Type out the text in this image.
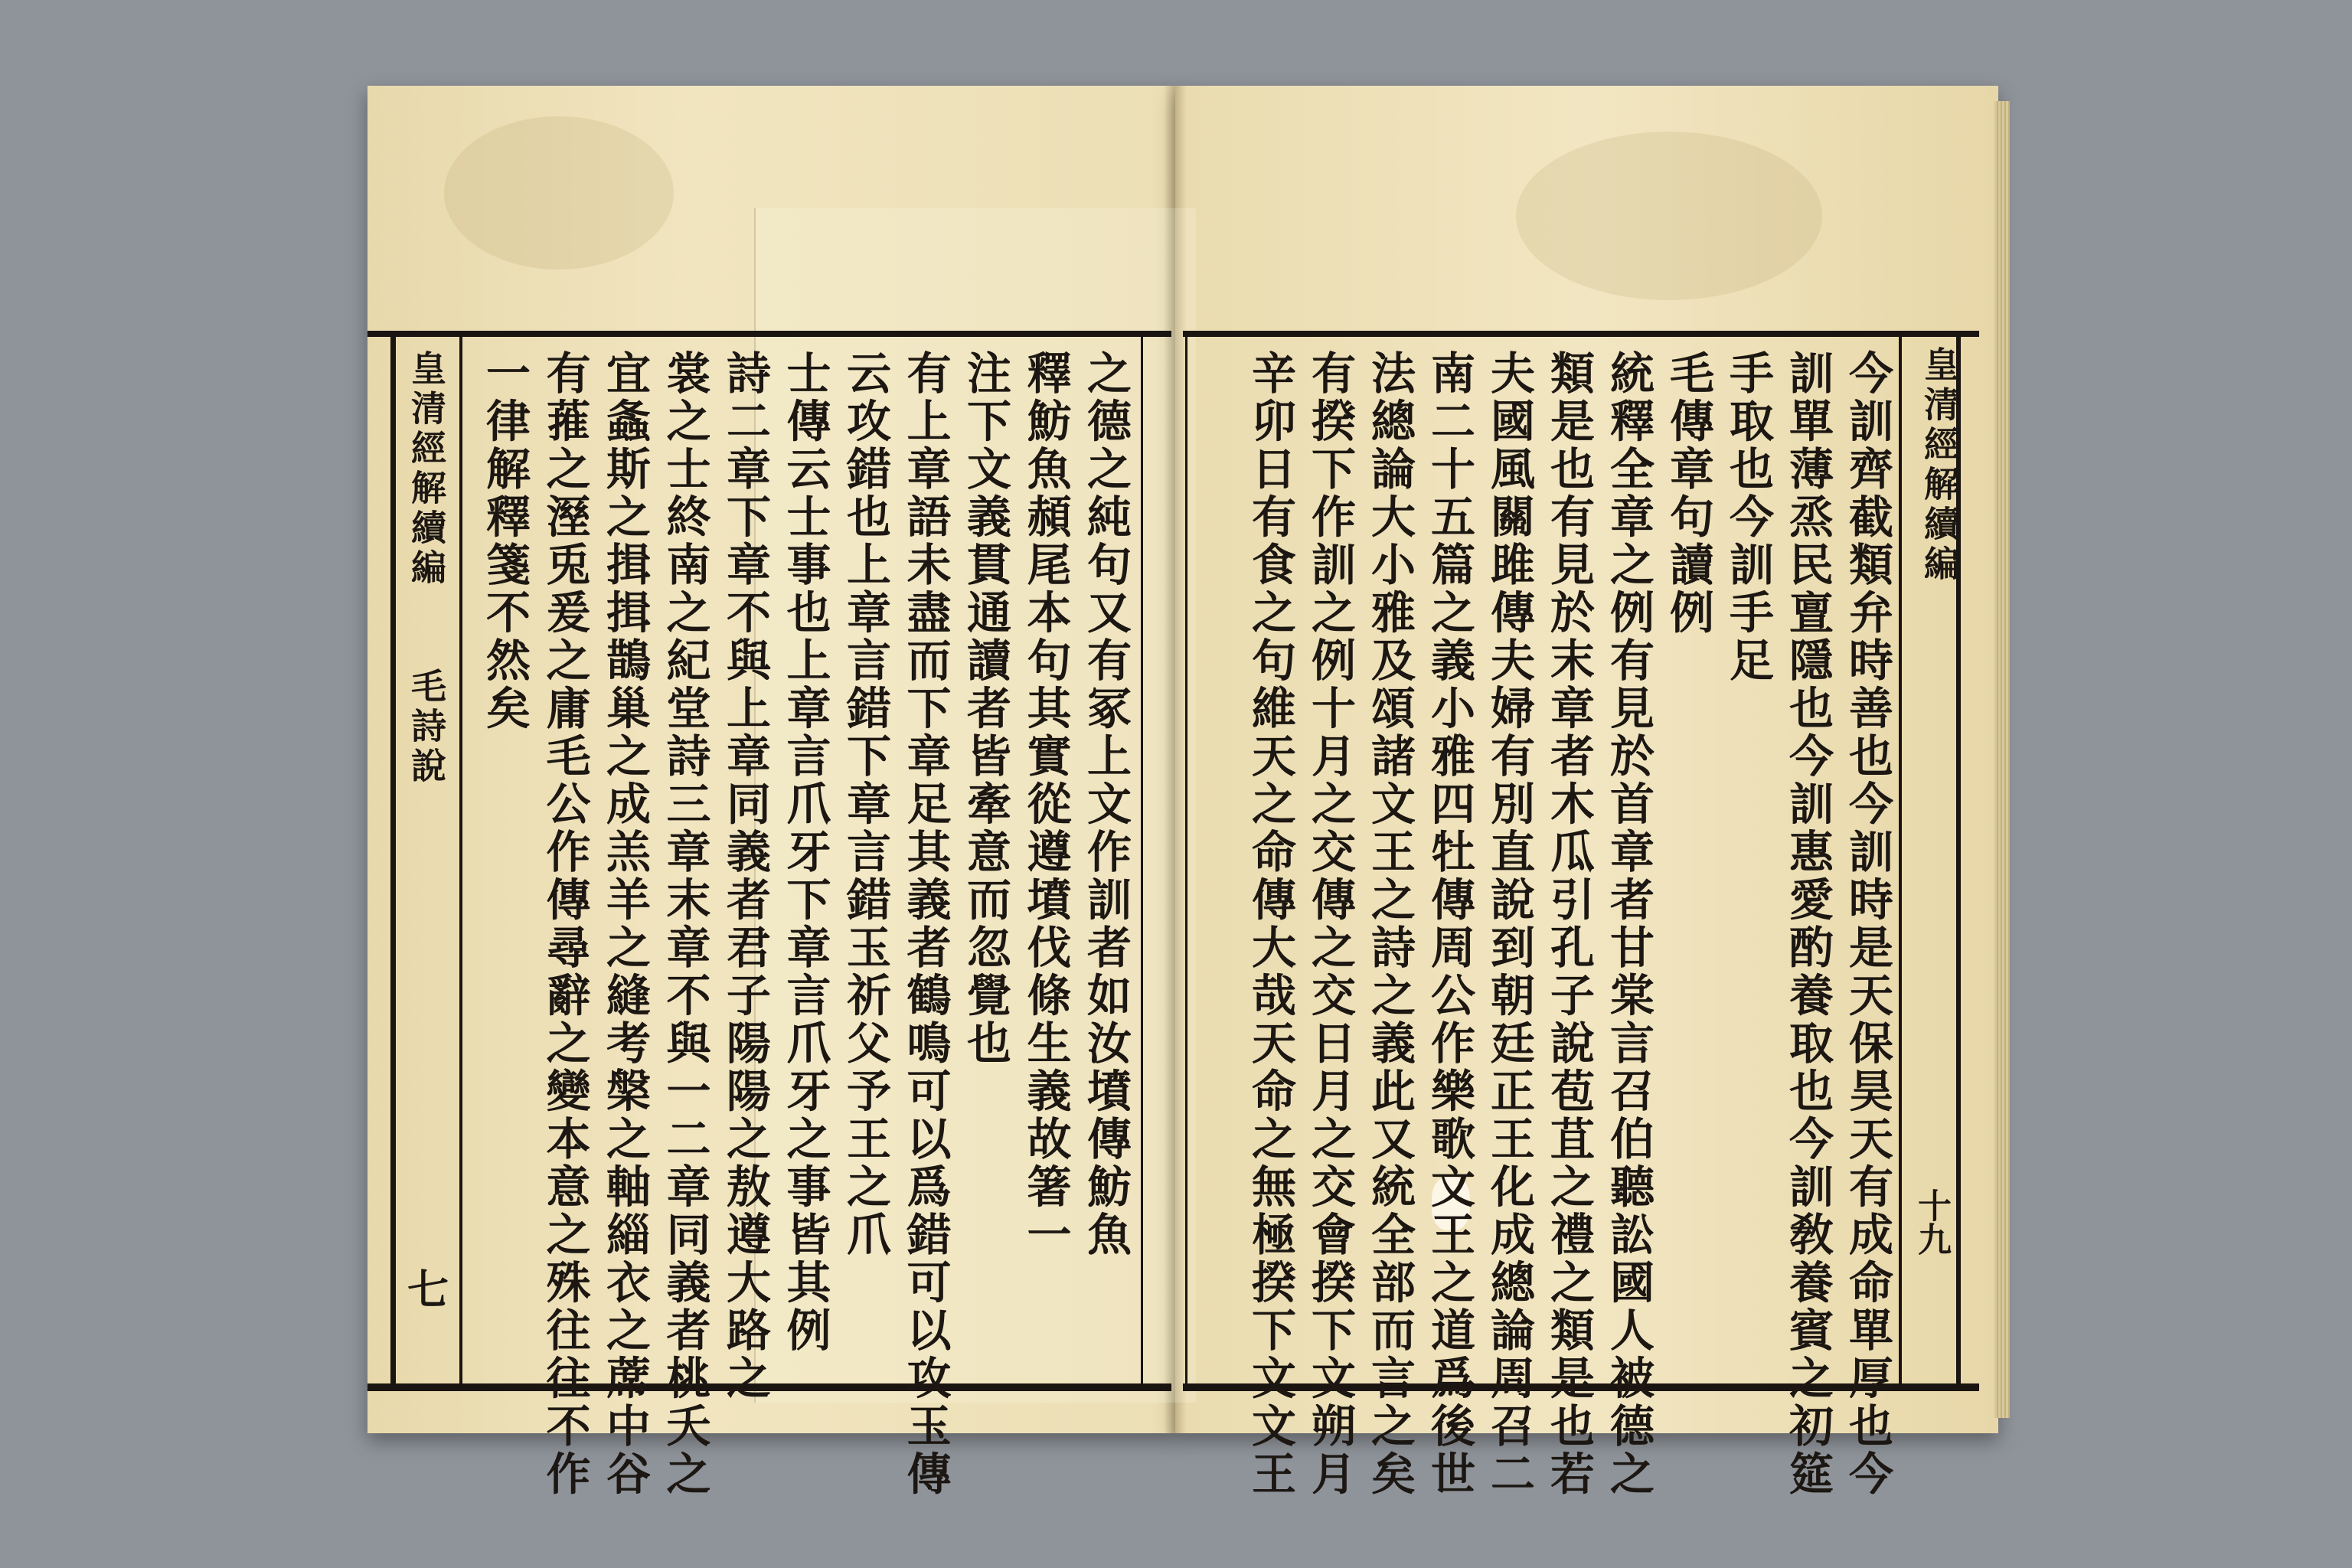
皇清經解續編
毛詩說
七
之德之純句又有冢上文作訓者如汝墳傳魴魚
釋魴魚頳尾本句其實從遵墳伐條生義故箸一
注下文義貫通讀者皆牽意而忽覺也
有上章語未盡而下章足其義者鶴鳴可以爲錯可以攻玉傳
云攻錯也上章言錯下章言錯玉祈父予王之爪
士傳云士事也上章言爪牙下章言爪牙之事皆其例
詩二章下章不與上章同義者君子陽陽之敖遵大路之
裳之士終南之紀堂詩三章末章不與一二章同義者桃夭之
宜螽斯之揖揖鵲巢之成羔羊之縫考槃之軸緇衣之蓆中谷
有蓷之溼兎爰之庸毛公作傳尋辭之變本意之殊往往不作
一律解釋箋不然矣	皇清經解續編
十九
今訓齊截類弁時善也今訓時是天保昊天有成命單厚也今
訓單薄烝民亶隱也今訓惠愛酌養取也今訓敎養賓之初筵
手取也今訓手足
毛傳章句讀例
統釋全章之例有見於首章者甘棠言召伯聽訟國人被德之
類是也有見於末章者木瓜引孔子說苞苴之禮之類是也若
夫國風關雎傳夫婦有別直說到朝廷正王化成總論周召二
南二十五篇之義小雅四牡傳周公作樂歌文王之道爲後世
法總論大小雅及頌諸文王之詩之義此又統全部而言之矣
有揆下作訓之例十月之交傳之交日月之交會揆下文朔月
辛卯日有食之句維天之命傳大哉天命之無極揆下文文王
